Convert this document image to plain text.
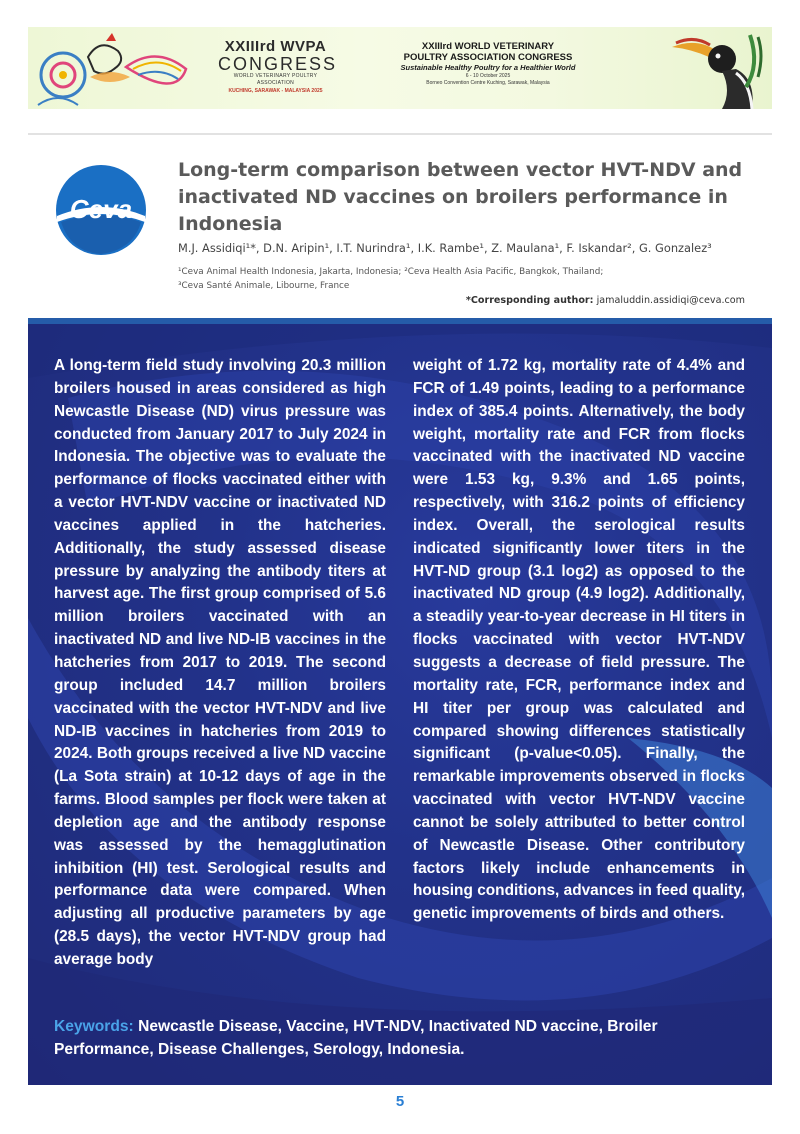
XXIIIrd WVPA
CONGRESS
WORLD VETERINARY POULTRY ASSOCIATION
KUCHING, SARAWAK - MALAYSIA 2025
XXIIIrd WORLD VETERINARY
POULTRY ASSOCIATION CONGRESS
Sustainable Healthy Poultry for a Healthier World
6 - 10 October 2025
Borneo Convention Centre Kuching, Sarawak, Malaysia
Ceva
Long-term comparison between vector HVT-NDV and inactivated ND vaccines on broilers performance in Indonesia
M.J. Assidiqi¹*, D.N. Aripin¹, I.T. Nurindra¹, I.K. Rambe¹, Z. Maulana¹, F. Iskandar², G. Gonzalez³
¹Ceva Animal Health Indonesia, Jakarta, Indonesia; ²Ceva Health Asia Pacific, Bangkok, Thailand;
³Ceva Santé Animale, Libourne, France
*Corresponding author: jamaluddin.assidiqi@ceva.com

A long-term field study involving 20.3 million broilers housed in areas considered as high Newcastle Disease (ND) virus pressure was conducted from January 2017 to July 2024 in Indonesia. The objective was to evaluate the performance of flocks vaccinated either with a vector HVT-NDV vaccine or inactivated ND vaccines applied in the hatcheries. Additionally, the study assessed disease pressure by analyzing the antibody titers at harvest age. The first group comprised of 5.6 million broilers vaccinated with an inactivated ND and live ND-IB vaccines in the hatcheries from 2017 to 2019. The second group included 14.7 million broilers vaccinated with the vector HVT-NDV and live ND-IB vaccines in hatcheries from 2019 to 2024. Both groups received a live ND vaccine (La Sota strain) at 10-12 days of age in the farms. Blood samples per flock were taken at depletion age and the antibody response was assessed by the hemagglutination inhibition (HI) test. Serological results and performance data were compared. When adjusting all productive parameters by age (28.5 days), the vector HVT-NDV group had average body

weight of 1.72 kg, mortality rate of 4.4% and FCR of 1.49 points, leading to a performance index of 385.4 points. Alternatively, the body weight, mortality rate and FCR from flocks vaccinated with the inactivated ND vaccine were 1.53 kg, 9.3% and 1.65 points, respectively, with 316.2 points of efficiency index. Overall, the serological results indicated significantly lower titers in the HVT-ND group (3.1 log2) as opposed to the inactivated ND group (4.9 log2). Additionally, a steadily year-to-year decrease in HI titers in flocks vaccinated with vector HVT-NDV suggests a decrease of field pressure. The mortality rate, FCR, performance index and HI titer per group was calculated and compared showing differences statistically significant (p-value<0.05). Finally, the remarkable improvements observed in flocks vaccinated with vector HVT-NDV vaccine cannot be solely attributed to better control of Newcastle Disease. Other contributory factors likely include enhancements in housing conditions, advances in feed quality, genetic improvements of birds and others.

Keywords: Newcastle Disease, Vaccine, HVT-NDV, Inactivated ND vaccine, Broiler Performance, Disease Challenges, Serology, Indonesia.

5
